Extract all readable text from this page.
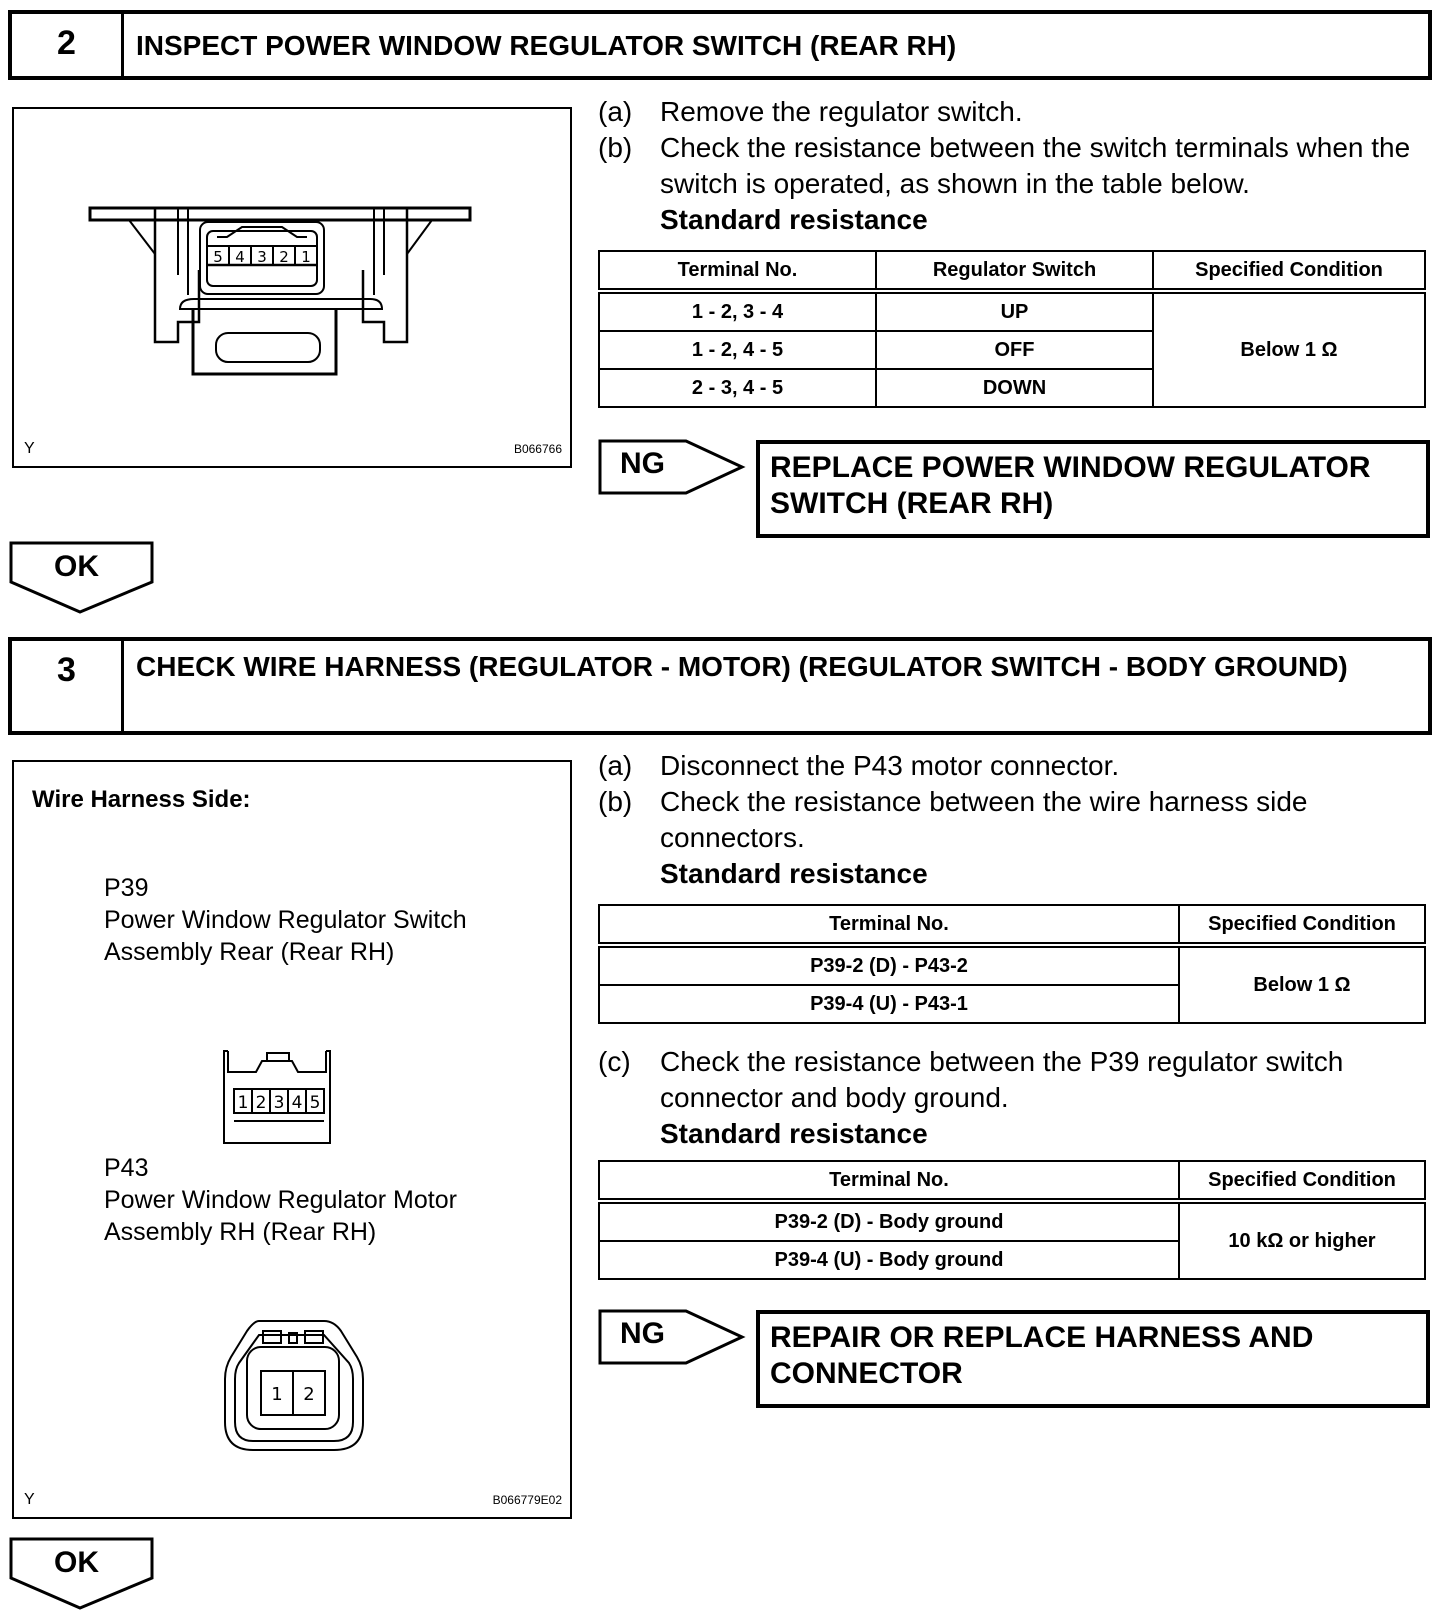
2	INSPECT POWER WINDOW REGULATOR SWITCH (REAR RH)
5 4 3 2 1
Y	B066766
(a) Remove the regulator switch.
(b) Check the resistance between the switch terminals when the switch is operated, as shown in the table below.
Standard resistance
Terminal No.	Regulator Switch	Specified Condition
1 - 2, 3 - 4	UP	Below 1 Ω
1 - 2, 4 - 5	OFF	
2 - 3, 4 - 5	DOWN	
NG	REPLACE POWER WINDOW REGULATOR SWITCH (REAR RH)
OK
3	CHECK WIRE HARNESS (REGULATOR - MOTOR) (REGULATOR SWITCH - BODY GROUND)
Wire Harness Side:
P39
Power Window Regulator Switch
Assembly Rear (Rear RH)
1 2 3 4 5
P43
Power Window Regulator Motor
Assembly RH (Rear RH)
1 2
Y	B066779E02
(a) Disconnect the P43 motor connector.
(b) Check the resistance between the wire harness side connectors.
Standard resistance
Terminal No.	Specified Condition
P39-2 (D) - P43-2	Below 1 Ω
P39-4 (U) - P43-1	
(c)	Check the resistance between the P39 regulator switch connector and body ground.
Standard resistance
Terminal No.	Specified Condition
P39-2 (D) - Body ground	10 kΩ or higher
P39-4 (U) - Body ground	
NG	REPAIR OR REPLACE HARNESS AND CONNECTOR
OK
